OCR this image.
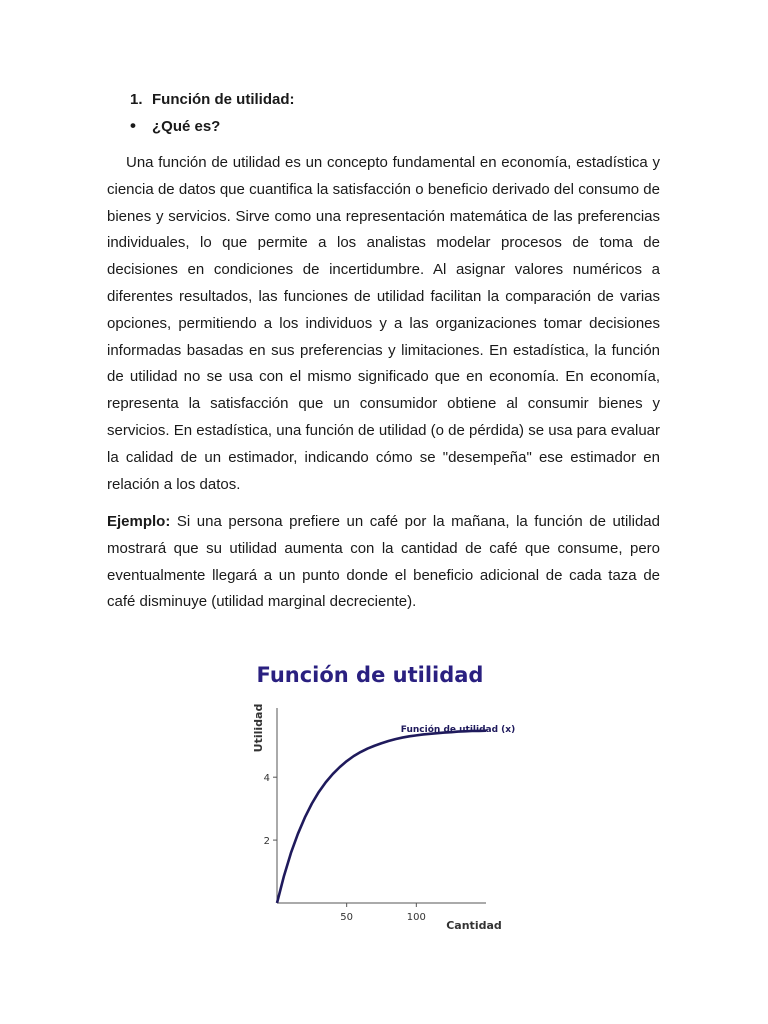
1. Función de utilidad:
• ¿Qué es?

Una función de utilidad es un concepto fundamental en economía, estadística y ciencia de datos que cuantifica la satisfacción o beneficio derivado del consumo de bienes y servicios. Sirve como una representación matemática de las preferencias individuales, lo que permite a los analistas modelar procesos de toma de decisiones en condiciones de incertidumbre. Al asignar valores numéricos a diferentes resultados, las funciones de utilidad facilitan la comparación de varias opciones, permitiendo a los individuos y a las organizaciones tomar decisiones informadas basadas en sus preferencias y limitaciones. En estadística, la función de utilidad no se usa con el mismo significado que en economía. En economía, representa la satisfacción que un consumidor obtiene al consumir bienes y servicios. En estadística, una función de utilidad (o de pérdida) se usa para evaluar la calidad de un estimador, indicando cómo se "desempeña" ese estimador en relación a los datos.

Ejemplo: Si una persona prefiere un café por la mañana, la función de utilidad mostrará que su utilidad aumenta con la cantidad de café que consume, pero eventualmente llegará a un punto donde el beneficio adicional de cada taza de café disminuye (utilidad marginal decreciente).

Función de utilidad
Utilidad
Cantidad
2
4
50	100
Función de utilidad (x)
